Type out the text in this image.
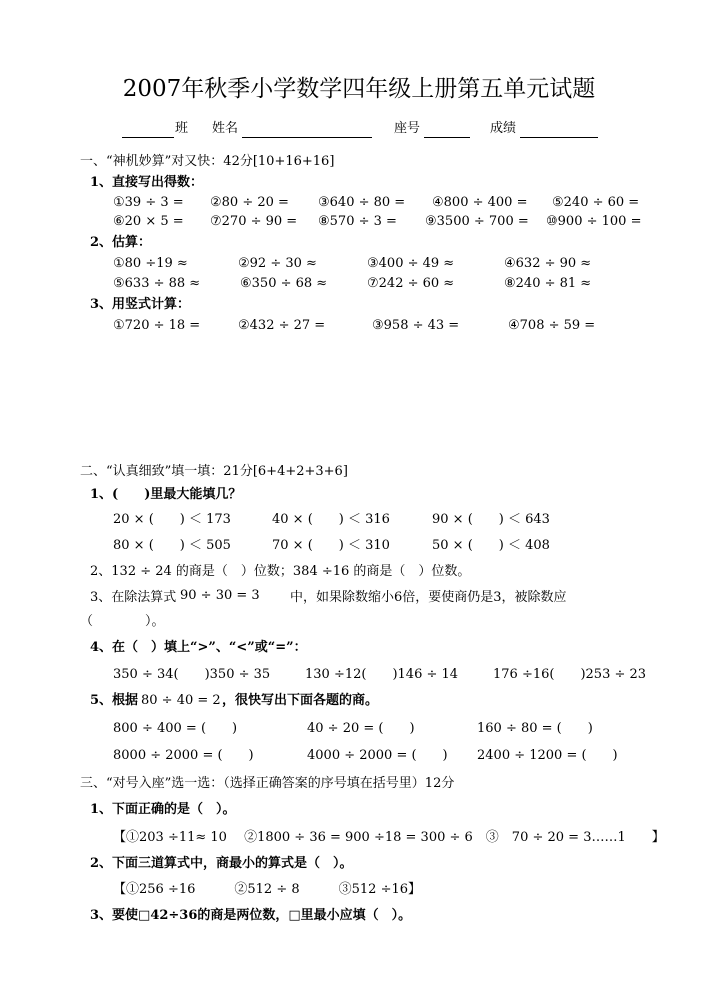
2007年秋季小学数学四年级上册第五单元试题
班 姓名	座号	成绩
一、“神机妙算”对又快：42分[10+16+16]
1、直接写出得数：
①39 ÷ 3 = ②80 ÷ 20 = ③640 ÷ 80 = ④800 ÷ 400 = ⑤240 ÷ 60 =
⑥20 × 5 = ⑦270 ÷ 90 = ⑧570 ÷ 3 = ⑨3500 ÷ 700 = ⑩900 ÷ 100 =
2、估算：
①80 ÷19 ≈	②92 ÷ 30 ≈	③400 ÷ 49 ≈	④632 ÷ 90 ≈
⑤633 ÷ 88 ≈	⑥350 ÷ 68 ≈	⑦242 ÷ 60 ≈	⑧240 ÷ 81 ≈
3、用竖式计算：
①720 ÷ 18 =	②432 ÷ 27 =	③958 ÷ 43 =	④708 ÷ 59 =
二、“认真细致”填一填：21分[6+4+2+3+6]
1、(　　)里最大能填几？
20 × (　　) ＜ 173	40 × (　　) ＜ 316	90 × (　　) ＜ 643
80 × (　　) ＜ 505	70 × (　　) ＜ 310	50 × (　　) ＜ 408
2、132 ÷ 24 的商是（　）位数；384 ÷16 的商是（　）位数。
3、在除法算式 90 ÷ 30 = 3 中，如果除数缩小6倍，要使商仍是3，被除数应
（　　　　）。
4、在（　）填上“>”、“<”或“=”：
350 ÷ 34(　　)350 ÷ 35	130 ÷12(　　)146 ÷ 14	176 ÷16(　　)253 ÷ 23
5、根据 80 ÷ 40 = 2 ，很快写出下面各题的商。
800 ÷ 400 = (　　)	40 ÷ 20 = (　　)	160 ÷ 80 = (　　)
8000 ÷ 2000 = (　　)	4000 ÷ 2000 = (　　) 2400 ÷ 1200 = (　　)
三、“对号入座”选一选：（选择正确答案的序号填在括号里）12分
1、下面正确的是（　）。
【①203 ÷11≈ 10　 ②1800 ÷ 36 = 900 ÷18 = 300 ÷ 6　③　70 ÷ 20 = 3……1　　】
2、下面三道算式中，商最小的算式是（　）。
【①256 ÷16　　　②512 ÷ 8　　　③512 ÷16】
3、要使□42÷36的商是两位数，□里最小应填（　）。
